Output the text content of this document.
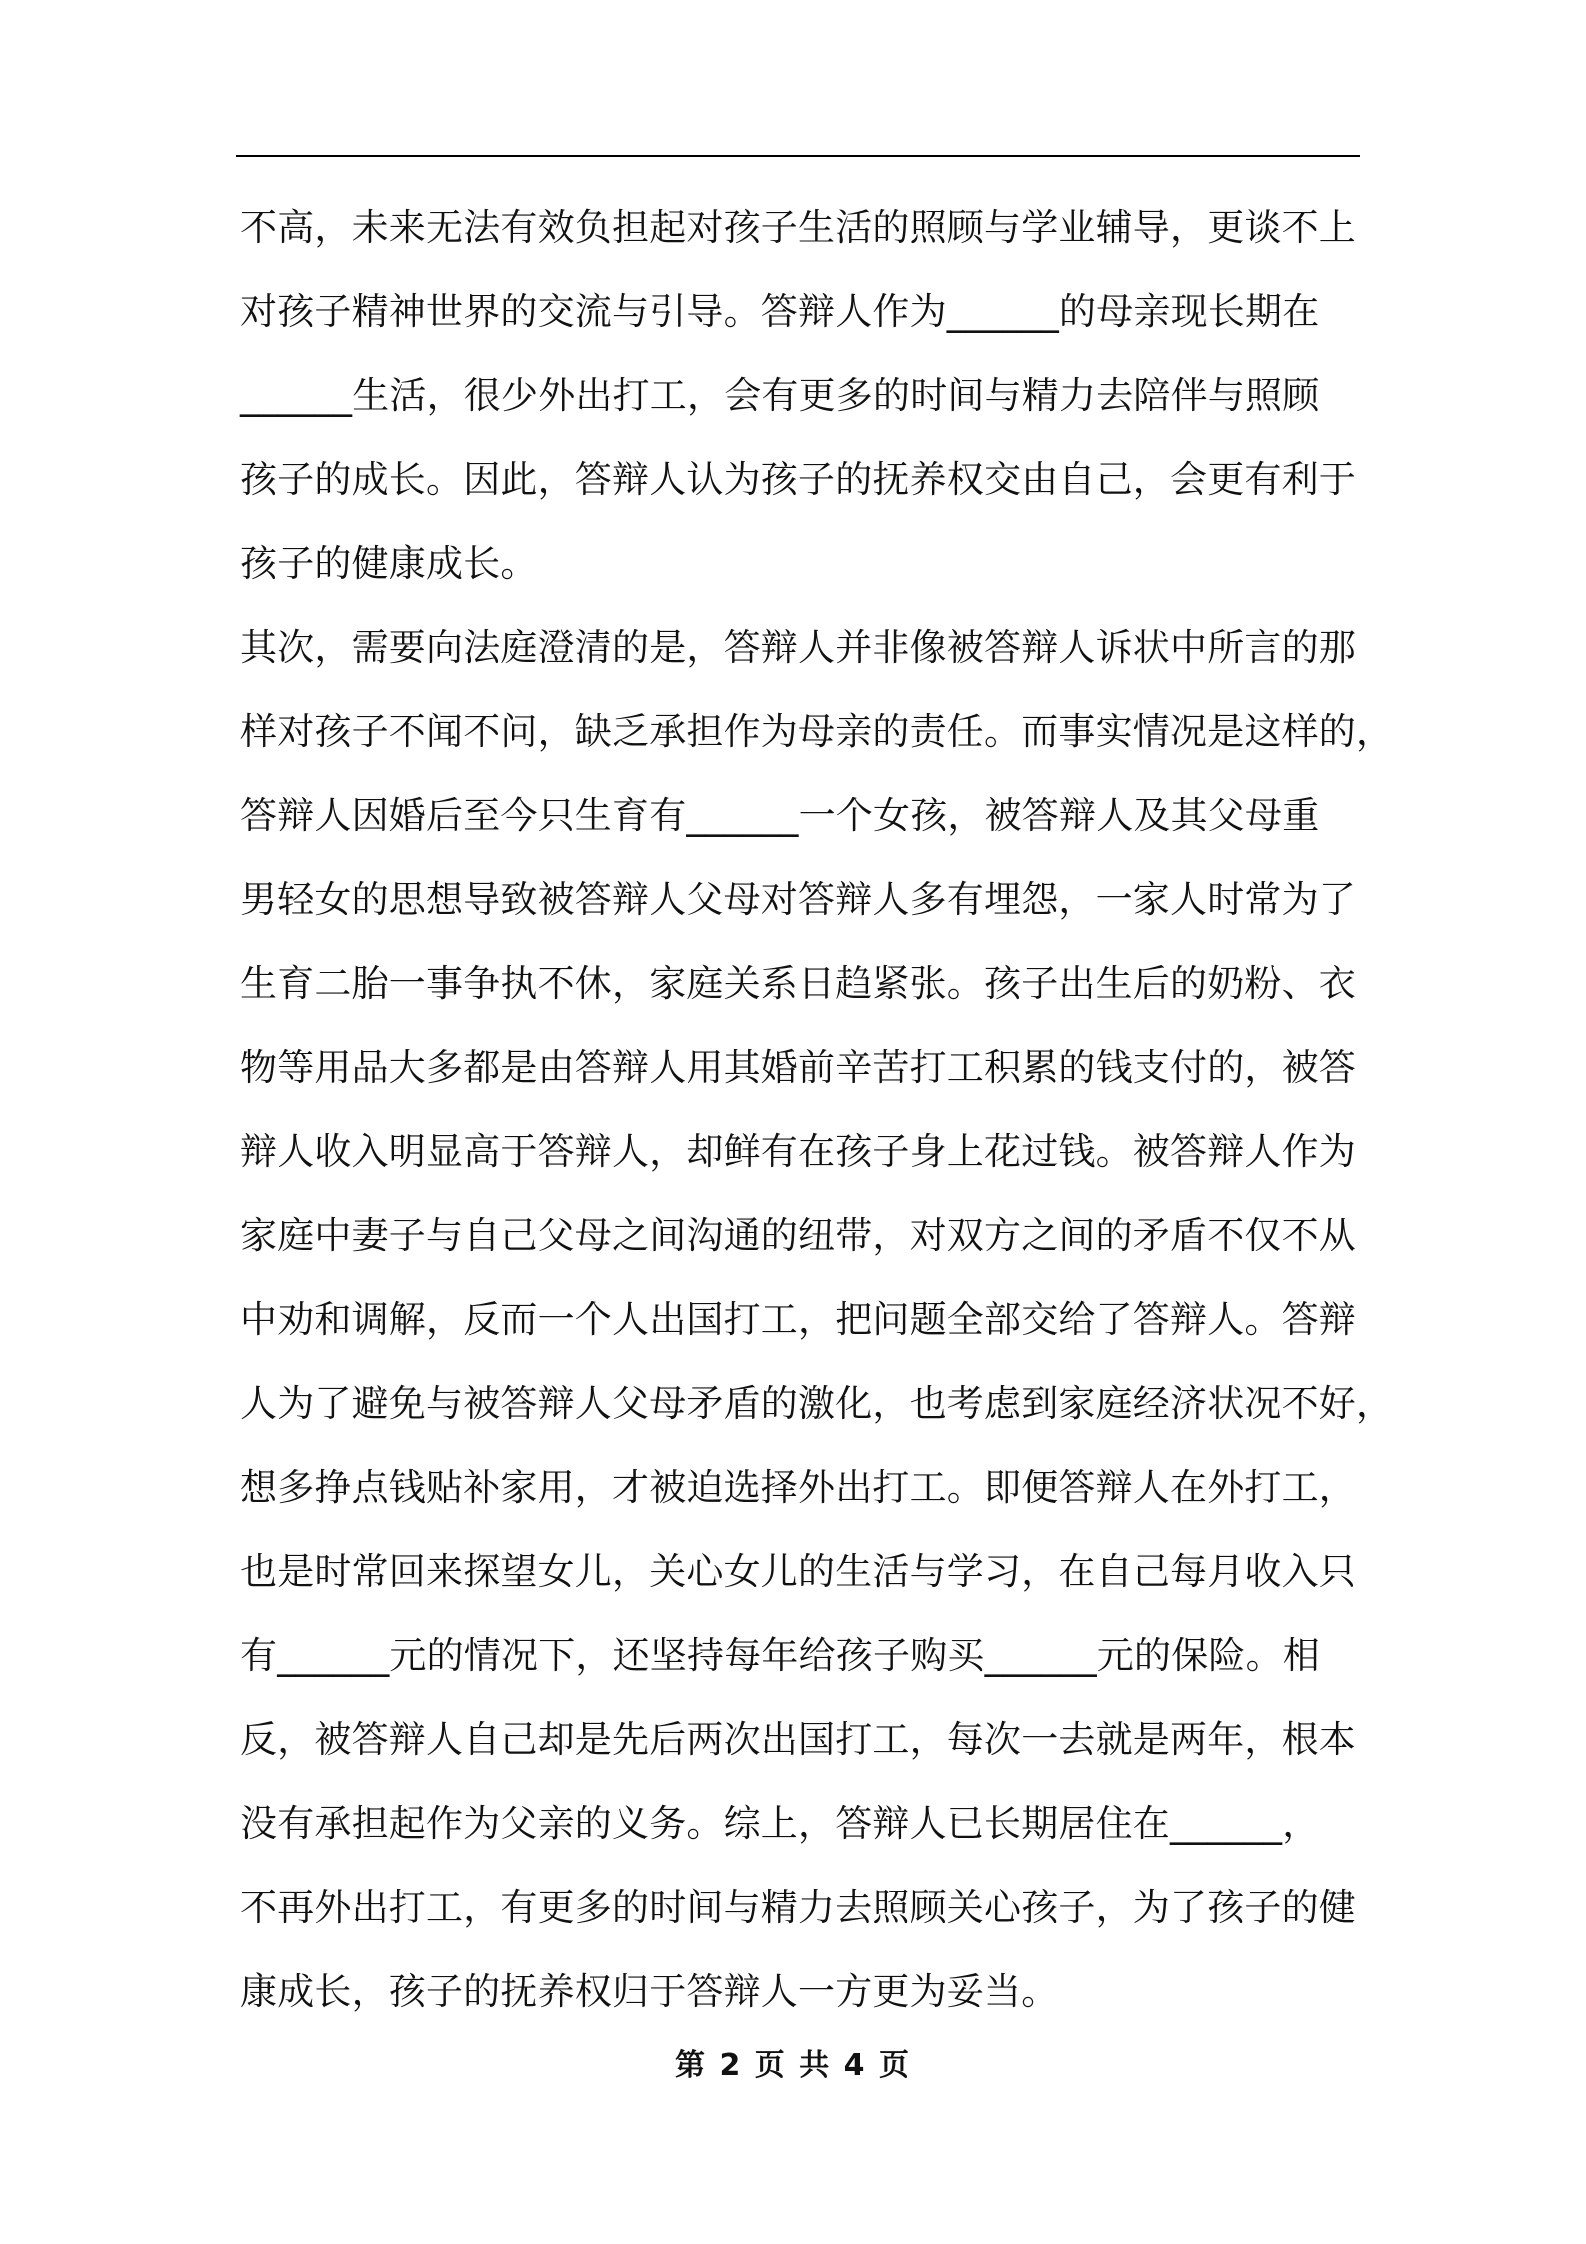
不高，未来无法有效负担起对孩子生活的照顾与学业辅导，更谈不上
对孩子精神世界的交流与引导。答辩人作为______的母亲现长期在
______生活，很少外出打工，会有更多的时间与精力去陪伴与照顾
孩子的成长。因此，答辩人认为孩子的抚养权交由自己，会更有利于
孩子的健康成长。
其次，需要向法庭澄清的是，答辩人并非像被答辩人诉状中所言的那
样对孩子不闻不问，缺乏承担作为母亲的责任。而事实情况是这样的，
答辩人因婚后至今只生育有______一个女孩，被答辩人及其父母重
男轻女的思想导致被答辩人父母对答辩人多有埋怨，一家人时常为了
生育二胎一事争执不休，家庭关系日趋紧张。孩子出生后的奶粉、衣
物等用品大多都是由答辩人用其婚前辛苦打工积累的钱支付的，被答
辩人收入明显高于答辩人，却鲜有在孩子身上花过钱。被答辩人作为
家庭中妻子与自己父母之间沟通的纽带，对双方之间的矛盾不仅不从
中劝和调解，反而一个人出国打工，把问题全部交给了答辩人。答辩
人为了避免与被答辩人父母矛盾的激化，也考虑到家庭经济状况不好，
想多挣点钱贴补家用，才被迫选择外出打工。即便答辩人在外打工，
也是时常回来探望女儿，关心女儿的生活与学习，在自己每月收入只
有______元的情况下，还坚持每年给孩子购买______元的保险。相
反，被答辩人自己却是先后两次出国打工，每次一去就是两年，根本
没有承担起作为父亲的义务。综上，答辩人已长期居住在______，
不再外出打工，有更多的时间与精力去照顾关心孩子，为了孩子的健
康成长，孩子的抚养权归于答辩人一方更为妥当。
第 2 页 共 4 页
